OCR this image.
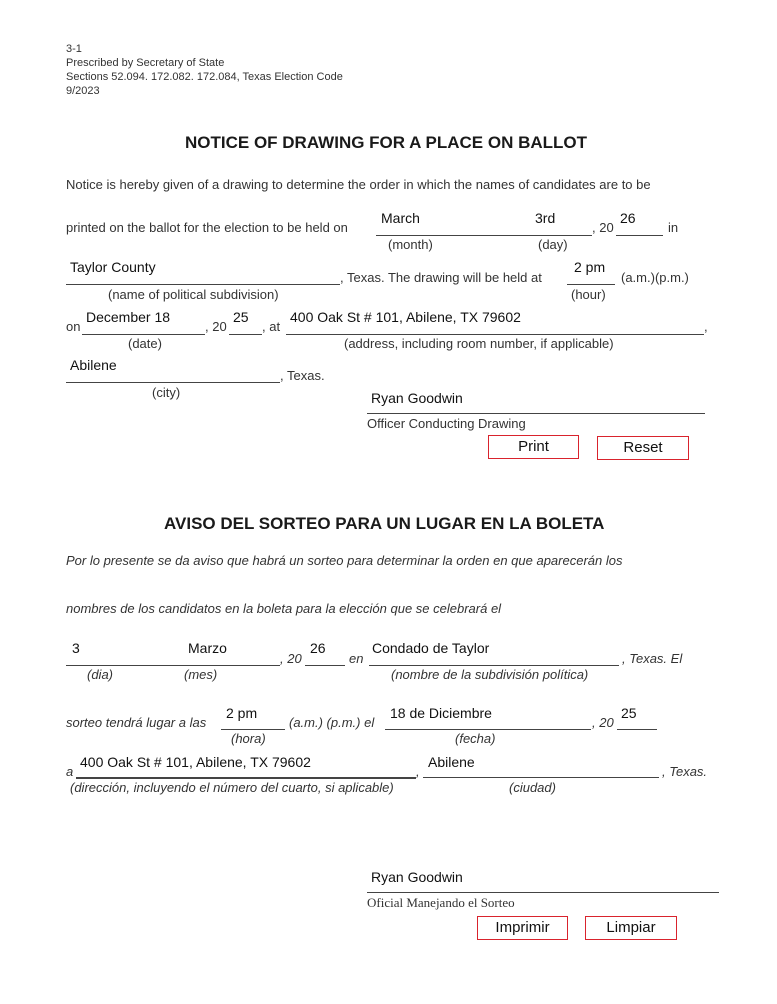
3-1
Prescribed by Secretary of State
Sections 52.094. 172.082. 172.084, Texas Election Code
9/2023
NOTICE OF DRAWING FOR A PLACE ON BALLOT
Notice is hereby given of a drawing to determine the order in which the names of candidates are to be
printed on the ballot for the election to be held on
March	3rd
, 20
26
in
(month)	(day)
Taylor County
, Texas. The drawing will be held at
2 pm
(a.m.)(p.m.)
(name of political subdivision)	(hour)
on
December 18
, 20
25
, at
400 Oak St # 101, Abilene, TX 79602
,
(date)	(address, including room number, if applicable)
Abilene
, Texas.
(city)	Ryan Goodwin
Officer Conducting Drawing
Print	Reset
AVISO DEL SORTEO PARA UN LUGAR EN LA BOLETA
Por lo presente se da aviso que habrá un sorteo para determinar la orden en que aparecerán los
nombres de los candidatos en la boleta para la elección que se celebrará el
3	Marzo
, 20
26
en
Condado de Taylor
, Texas. El
(dia)	(mes)	(nombre de la subdivisión política)
sorteo tendrá lugar a las
2 pm
(a.m.) (p.m.) el
18 de Diciembre
, 20
25
(hora)	(fecha)
a
400 Oak St # 101, Abilene, TX 79602
,
Abilene
, Texas.
(dirección, incluyendo el número del cuarto, si aplicable)	(ciudad)
Ryan Goodwin
Oficial Manejando el Sorteo
Imprimir	Limpiar
